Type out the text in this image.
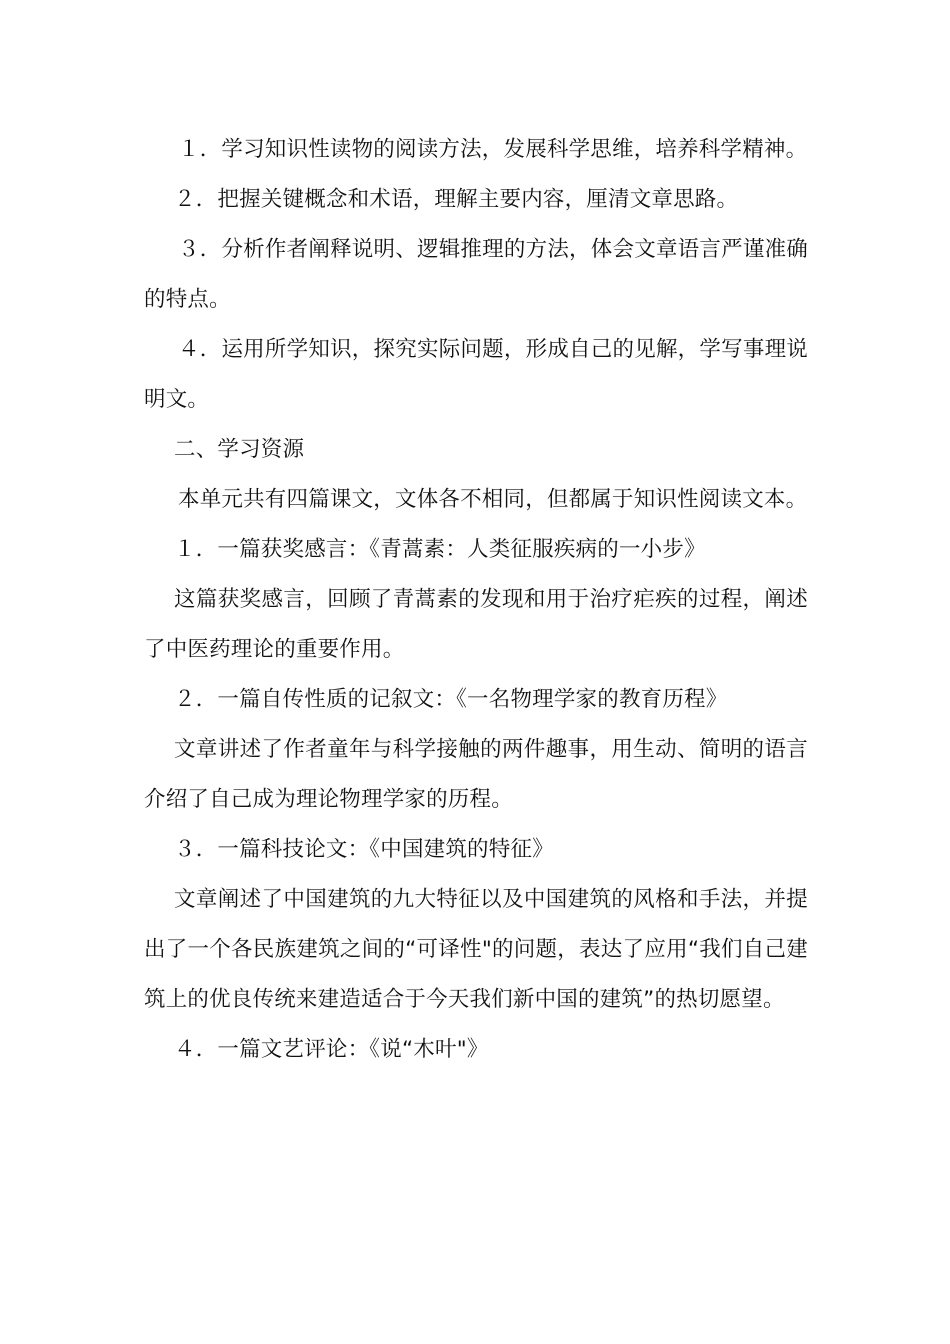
１．学习知识性读物的阅读方法，发展科学思维，培养科学精神。

２．把握关键概念和术语，理解主要内容，厘清文章思路。

３．分析作者阐释说明、逻辑推理的方法，体会文章语言严谨准确的特点。

４．运用所学知识，探究实际问题，形成自己的见解，学写事理说明文。

二、学习资源

本单元共有四篇课文，文体各不相同，但都属于知识性阅读文本。

１．一篇获奖感言：《青蒿素：人类征服疾病的一小步》

这篇获奖感言，回顾了青蒿素的发现和用于治疗疟疾的过程，阐述了中医药理论的重要作用。

２．一篇自传性质的记叙文：《一名物理学家的教育历程》

文章讲述了作者童年与科学接触的两件趣事，用生动、简明的语言介绍了自己成为理论物理学家的历程。

３．一篇科技论文：《中国建筑的特征》

文章阐述了中国建筑的九大特征以及中国建筑的风格和手法，并提出了一个各民族建筑之间的“可译性"的问题，表达了应用“我们自己建筑上的优良传统来建造适合于今天我们新中国的建筑”的热切愿望。

４．一篇文艺评论：《说“木叶"》
